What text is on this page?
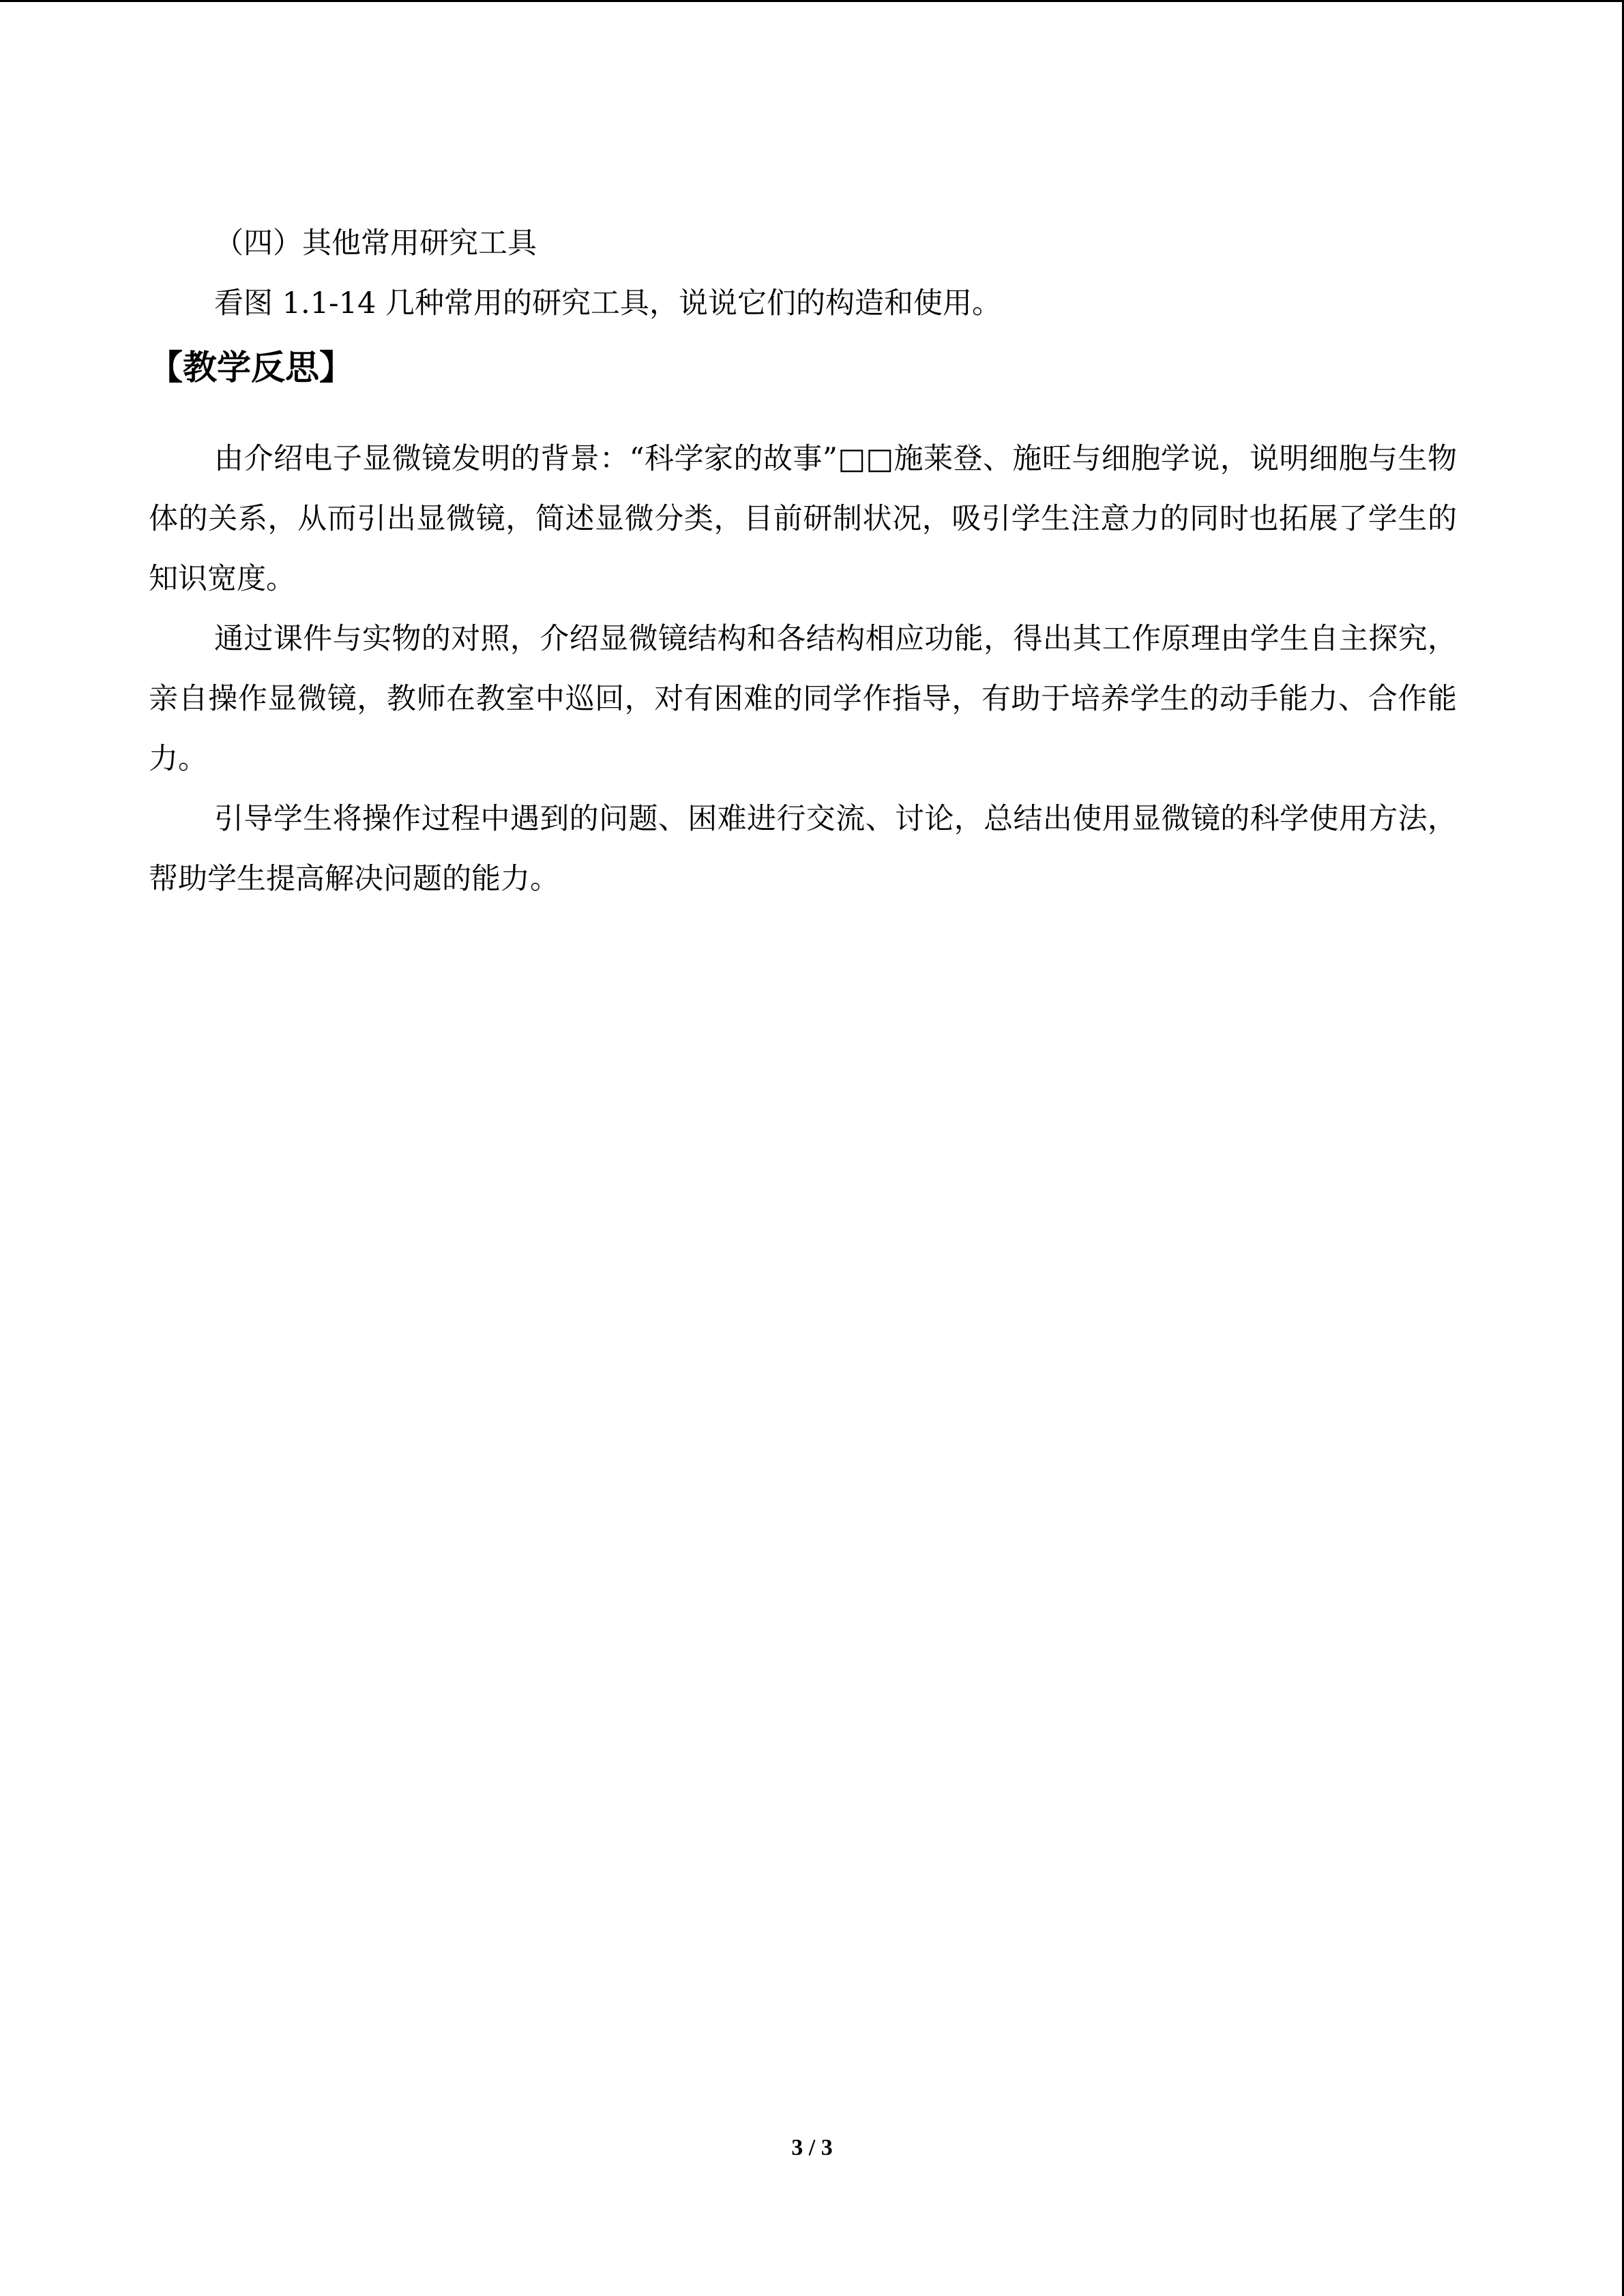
（四）其他常用研究工具

看图 1.1-14 几种常用的研究工具，说说它们的构造和使用。

【教学反思】

由介绍电子显微镜发明的背景：“科学家的故事”□□施莱登、施旺与细胞学说，说明细胞与生物体的关系，从而引出显微镜，简述显微分类，目前研制状况，吸引学生注意力的同时也拓展了学生的知识宽度。

通过课件与实物的对照，介绍显微镜结构和各结构相应功能，得出其工作原理由学生自主探究，亲自操作显微镜，教师在教室中巡回，对有困难的同学作指导，有助于培养学生的动手能力、合作能力。

引导学生将操作过程中遇到的问题、困难进行交流、讨论，总结出使用显微镜的科学使用方法，帮助学生提高解决问题的能力。

3 / 3
